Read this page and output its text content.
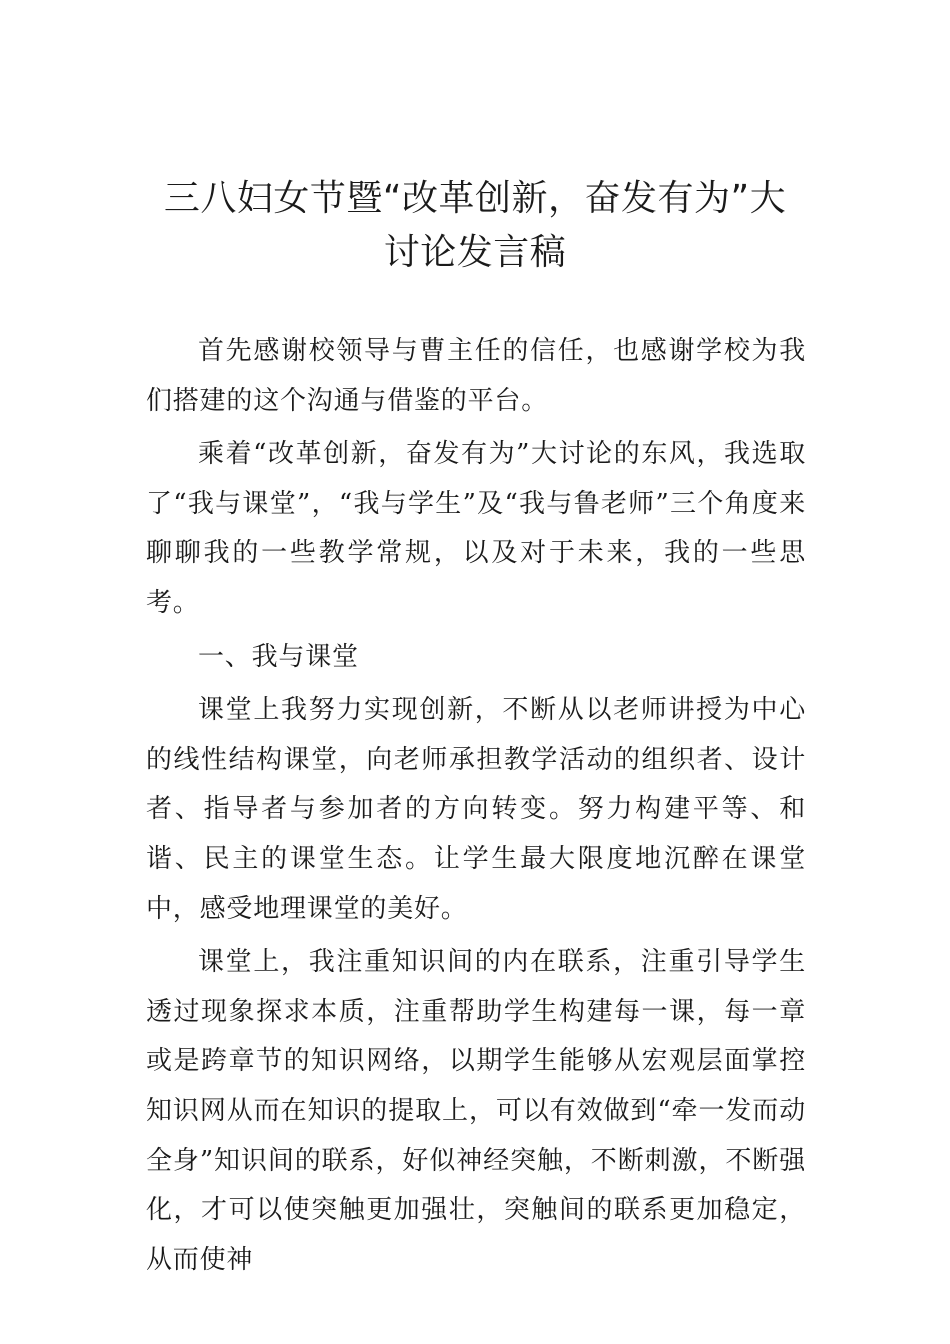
三八妇女节暨“改革创新，奋发有为”大
讨论发言稿

首先感谢校领导与曹主任的信任，也感谢学校为我们搭建的这个沟通与借鉴的平台。

乘着“改革创新，奋发有为”大讨论的东风，我选取了“我与课堂”，“我与学生”及“我与鲁老师”三个角度来聊聊我的一些教学常规，以及对于未来，我的一些思考。

一、我与课堂

课堂上我努力实现创新，不断从以老师讲授为中心的线性结构课堂，向老师承担教学活动的组织者、设计者、指导者与参加者的方向转变。努力构建平等、和谐、民主的课堂生态。让学生最大限度地沉醉在课堂中，感受地理课堂的美好。

课堂上，我注重知识间的内在联系，注重引导学生透过现象探求本质，注重帮助学生构建每一课，每一章或是跨章节的知识网络，以期学生能够从宏观层面掌控知识网从而在知识的提取上，可以有效做到“牵一发而动全身”知识间的联系，好似神经突触，不断刺激，不断强化，才可以使突触更加强壮，突触间的联系更加稳定，从而使神
